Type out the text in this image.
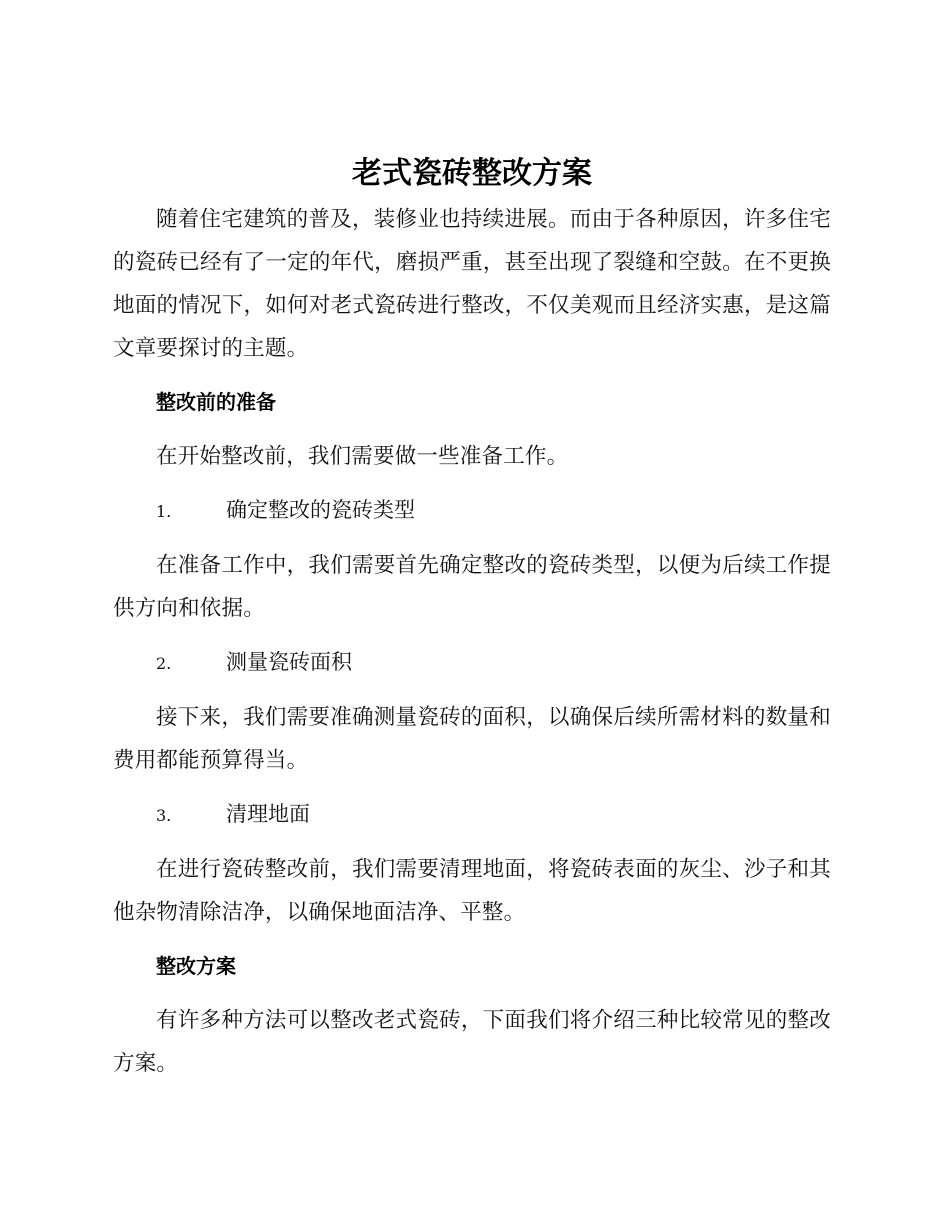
老式瓷砖整改方案

随着住宅建筑的普及，装修业也持续进展。而由于各种原因，许多住宅的瓷砖已经有了一定的年代，磨损严重，甚至出现了裂缝和空鼓。在不更换地面的情况下，如何对老式瓷砖进行整改，不仅美观而且经济实惠，是这篇文章要探讨的主题。

整改前的准备

在开始整改前，我们需要做一些准备工作。

1.	确定整改的瓷砖类型

在准备工作中，我们需要首先确定整改的瓷砖类型，以便为后续工作提供方向和依据。

2.	测量瓷砖面积

接下来，我们需要准确测量瓷砖的面积，以确保后续所需材料的数量和费用都能预算得当。

3.	清理地面

在进行瓷砖整改前，我们需要清理地面，将瓷砖表面的灰尘、沙子和其他杂物清除洁净，以确保地面洁净、平整。

整改方案

有许多种方法可以整改老式瓷砖，下面我们将介绍三种比较常见的整改方案。
